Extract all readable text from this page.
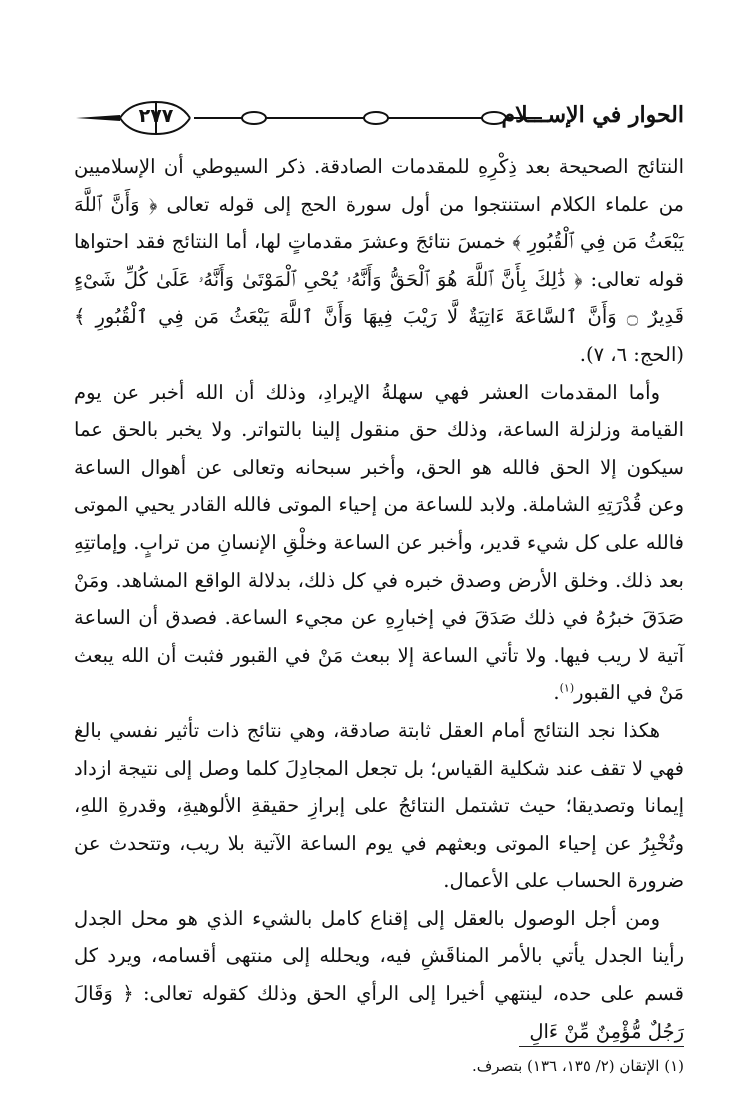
٢٧٧	الحوار في الإســـلام

النتائج الصحيحة بعد ذِكْرِهِ للمقدمات الصادقة. ذكر السيوطي أن الإسلاميين من علماء الكلام استنتجوا من أول سورة الحج إلى قوله تعالى ﴿ وَأَنَّ ٱللَّهَ يَبْعَثُ مَن فِي ٱلْقُبُورِ ﴾ خمسَ نتائجَ وعشرَ مقدماتٍ لها، أما النتائج فقد احتواها قوله تعالى: ﴿ ذَٰلِكَ بِأَنَّ ٱللَّهَ هُوَ ٱلْحَقُّ وَأَنَّهُۥ يُحْىِ ٱلْمَوْتَىٰ وَأَنَّهُۥ عَلَىٰ كُلِّ شَىْءٍ قَدِيرٌ ۝ وَأَنَّ ٱلسَّاعَةَ ءَاتِيَةٌ لَّا رَيْبَ فِيهَا وَأَنَّ ٱللَّهَ يَبْعَثُ مَن فِي ٱلْقُبُورِ ﴾ (الحج: ٦، ٧).

وأما المقدمات العشر فهي سهلةُ الإيرادِ، وذلك أن الله أخبر عن يوم القيامة وزلزلة الساعة، وذلك حق منقول إلينا بالتواتر. ولا يخبر بالحق عما سيكون إلا الحق فالله هو الحق، وأخبر سبحانه وتعالى عن أهوال الساعة وعن قُدْرَتِهِ الشاملة. ولابد للساعة من إحياء الموتى فالله القادر يحيي الموتى فالله على كل شيء قدير، وأخبر عن الساعة وخلْقِ الإنسانِ من ترابٍ. وإماتتِهِ بعد ذلك. وخلق الأرض وصدق خبره في كل ذلك، بدلالة الواقع المشاهد. ومَنْ صَدَقَ خبرُهُ في ذلك صَدَقَ في إخبارِهِ عن مجيء الساعة. فصدق أن الساعة آتية لا ريب فيها. ولا تأتي الساعة إلا ببعث مَنْ في القبور فثبت أن الله يبعث مَنْ في القبور$^{(١)}$.

هكذا نجد النتائج أمام العقل ثابتة صادقة، وهي نتائج ذات تأثير نفسي بالغ فهي لا تقف عند شكلية القياس؛ بل تجعل المجادِلَ كلما وصل إلى نتيجة ازداد إيمانا وتصديقا؛ حيث تشتمل النتائجُ على إبرازِ حقيقةِ الألوهيةِ، وقدرةِ اللهِ، وتُخْبِرُ عن إحياء الموتى وبعثهم في يوم الساعة الآتية بلا ريب، وتتحدث عن ضرورة الحساب على الأعمال.

ومن أجل الوصول بالعقل إلى إقناع كامل بالشيء الذي هو محل الجدل رأينا الجدل يأتي بالأمر المناقَشِ فيه، ويحلله إلى منتهى أقسامه، ويرد كل قسم على حده، لينتهي أخيرا إلى الرأي الحق وذلك كقوله تعالى: ﴿ وَقَالَ رَجُلٌ مُّؤْمِنٌ مِّنْ ءَالِ

(١) الإتقان (٢/ ١٣٥، ١٣٦) بتصرف.
